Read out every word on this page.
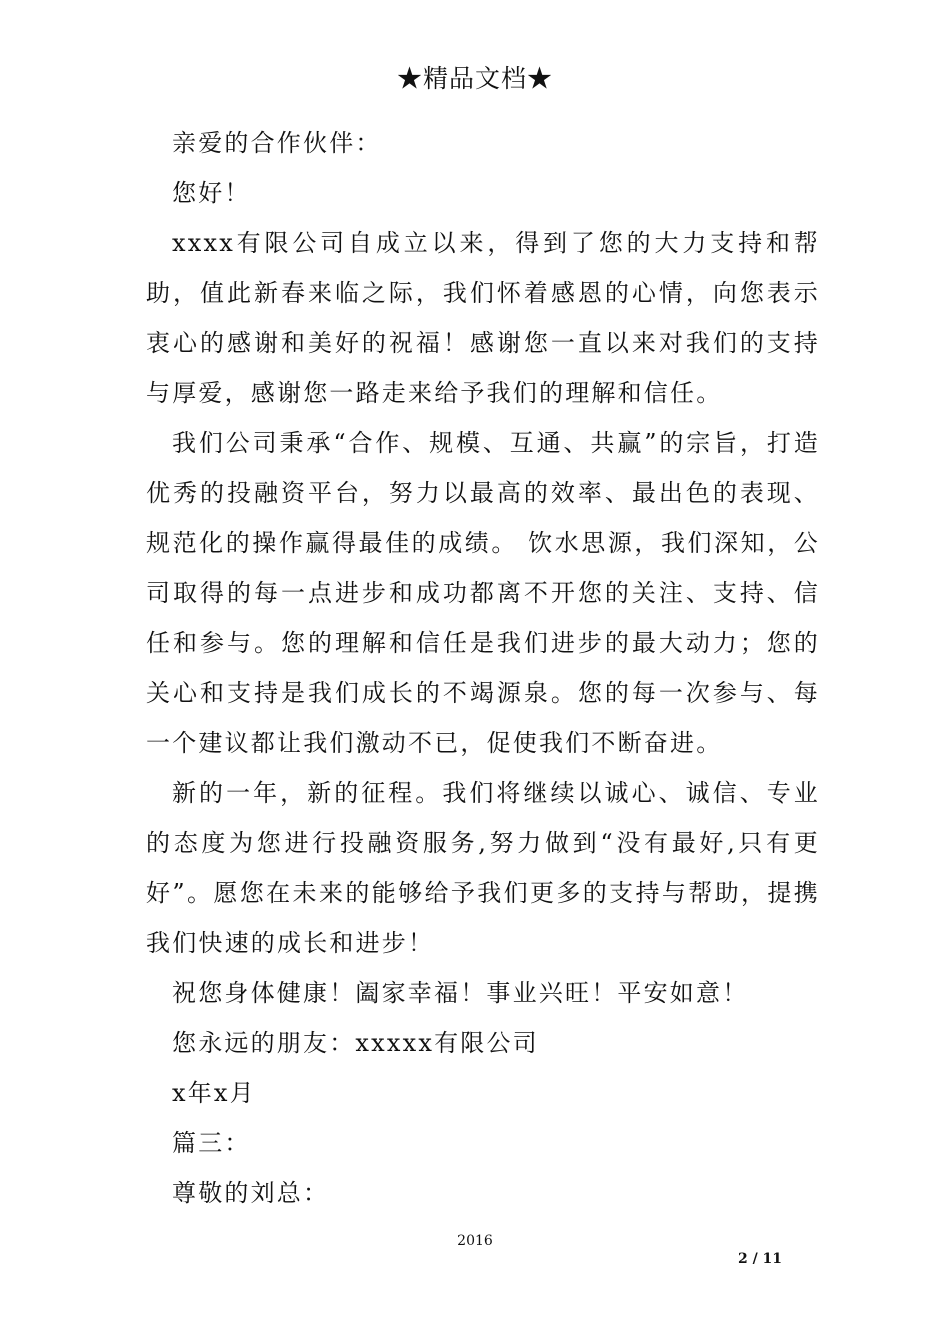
★精品文档★

亲爱的合作伙伴：

您好！

xxxx有限公司自成立以来，得到了您的大力支持和帮助，值此新春来临之际，我们怀着感恩的心情，向您表示衷心的感谢和美好的祝福！感谢您一直以来对我们的支持与厚爱，感谢您一路走来给予我们的理解和信任。

我们公司秉承“合作、规模、互通、共赢”的宗旨，打造优秀的投融资平台，努力以最高的效率、最出色的表现、规范化的操作赢得最佳的成绩。 饮水思源，我们深知，公司取得的每一点进步和成功都离不开您的关注、支持、信任和参与。您的理解和信任是我们进步的最大动力；您的关心和支持是我们成长的不竭源泉。您的每一次参与、每一个建议都让我们激动不已，促使我们不断奋进。

新的一年，新的征程。我们将继续以诚心、诚信、专业的态度为您进行投融资服务,努力做到“没有最好,只有更好”。愿您在未来的能够给予我们更多的支持与帮助，提携我们快速的成长和进步！

祝您身体健康！阖家幸福！事业兴旺！平安如意！

您永远的朋友：xxxxx有限公司

x年x月

篇三：

尊敬的刘总：

2016
2 / 11
